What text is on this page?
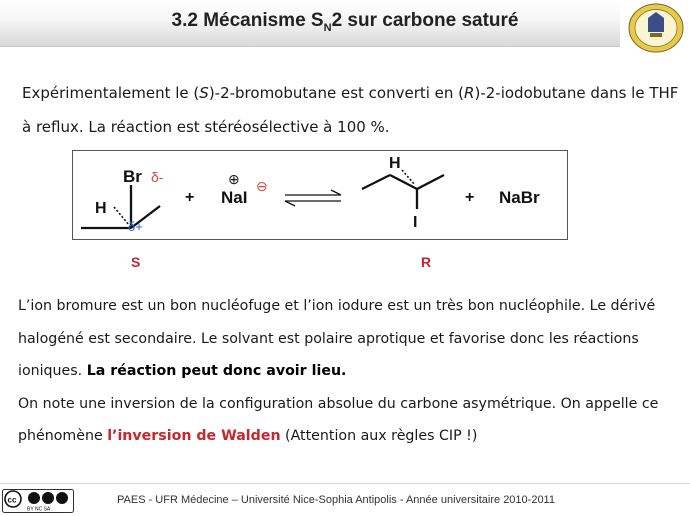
3.2 Mécanisme $S_N2$ sur carbone saturé
Expérimentalement le (S)-2-bromobutane est converti en (R)-2-iodobutane dans le THF
à reflux. La réaction est stéréosélective à 100 %.
Br δ-
H
δ+
+
⊕
NaI
⊖
H
I
+ NaBr
S	R
L’ion bromure est un bon nucléofuge et l’ion iodure est un très bon nucléophile. Le dérivé halogéné est secondaire. Le solvant est polaire aprotique et favorise donc les réactions ioniques. La réaction peut donc avoir lieu.
On note une inversion de la configuration absolue du carbone asymétrique. On appelle ce phénomène l’inversion de Walden (Attention aux règles CIP !)
cc
BY NC SA
PAES - UFR Médecine – Université Nice-Sophia Antipolis - Année universitaire 2010-2011
